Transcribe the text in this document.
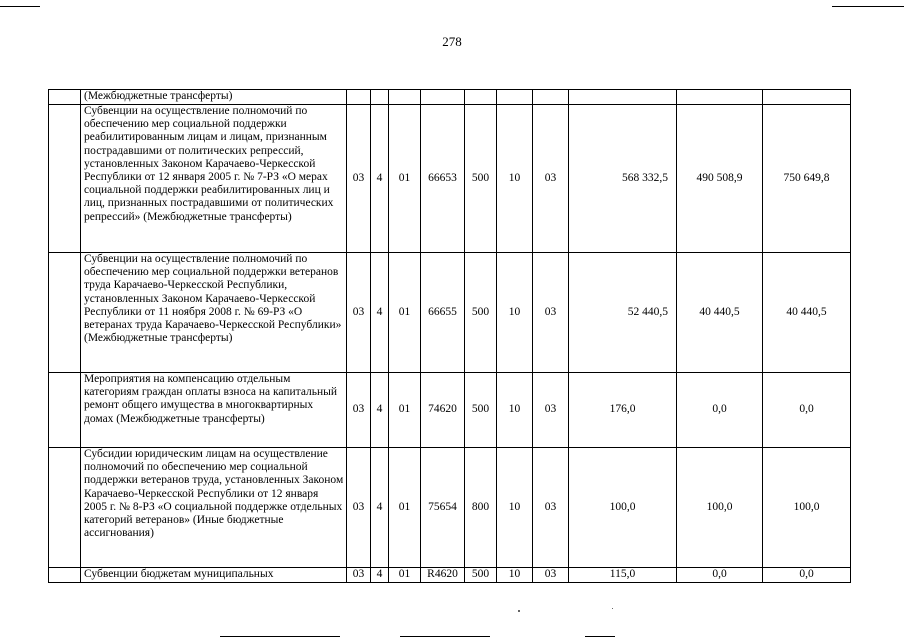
278
	(Межбюджетные трансферты)										
	Субвенции на осуществление полномочий по обеспечению мер социальной поддержки реабилитированным лицам и лицам, признанным пострадавшими от политических репрессий, установленных Законом Карачаево-Черкесской Республики от 12 января 2005 г. № 7-РЗ «О мерах социальной поддержки реабилитированных лиц и лиц, признанных пострадавшими от политических репрессий» (Межбюджетные трансферты)	03	4	01	66653	500	10	03	568 332,5	490 508,9	750 649,8
	Субвенции на осуществление полномочий по обеспечению мер социальной поддержки ветеранов труда Карачаево-Черкесской Республики, установленных Законом Карачаево-Черкесской Республики от 11 ноября 2008 г. № 69-РЗ «О ветеранах труда Карачаево-Черкесской Республики» (Межбюджетные трансферты)	03	4	01	66655	500	10	03	52 440,5	40 440,5	40 440,5
	Мероприятия на компенсацию отдельным категориям граждан оплаты взноса на капитальный ремонт общего имущества в многоквартирных домах (Межбюджетные трансферты)	03	4	01	74620	500	10	03	176,0	0,0	0,0
	Субсидии юридическим лицам на осуществление полномочий по обеспечению мер социальной поддержки ветеранов труда, установленных Законом Карачаево-Черкесской Республики от 12 января 2005 г. № 8-РЗ «О социальной поддержке отдельных категорий ветеранов» (Иные бюджетные ассигнования)	03	4	01	75654	800	10	03	100,0	100,0	100,0
	Субвенции бюджетам муниципальных	03	4	01	R4620	500	10	03	115,0	0,0	0,0
